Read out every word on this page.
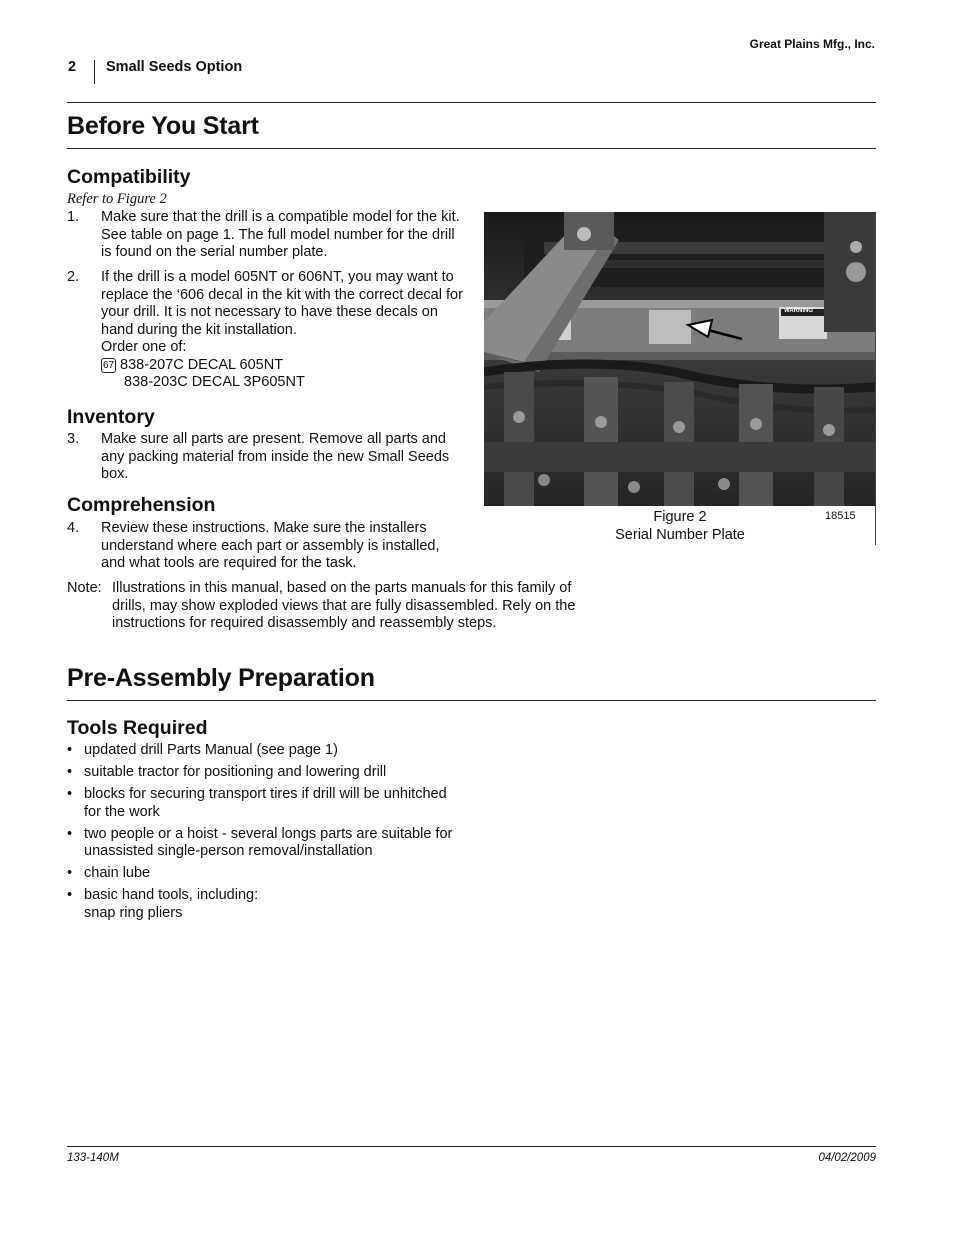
Great Plains Mfg., Inc.
2 Small Seeds Option
Before You Start
Compatibility
Refer to Figure 2
1. Make sure that the drill is a compatible model for the kit. See table on page 1. The full model number for the drill is found on the serial number plate.
2. If the drill is a model 605NT or 606NT, you may want to replace the ‘606 decal in the kit with the correct decal for your drill. It is not necessary to have these decals on hand during the kit installation.
Order one of:
67 838-207C DECAL 605NT
838-203C DECAL 3P605NT
Inventory
3. Make sure all parts are present. Remove all parts and any packing material from inside the new Small Seeds box.
Comprehension
4. Review these instructions. Make sure the installers understand where each part or assembly is installed, and what tools are required for the task.
Note: Illustrations in this manual, based on the parts manuals for this family of drills, may show exploded views that are fully disassembled. Rely on the instructions for required disassembly and reassembly steps.
WARNING
Figure 2
Serial Number Plate
18515
Pre-Assembly Preparation
Tools Required
• updated drill Parts Manual (see page 1)
• suitable tractor for positioning and lowering drill
• blocks for securing transport tires if drill will be unhitched for the work
• two people or a hoist - several longs parts are suitable for unassisted single-person removal/installation
• chain lube
• basic hand tools, including:
snap ring pliers
133-140M	04/02/2009
